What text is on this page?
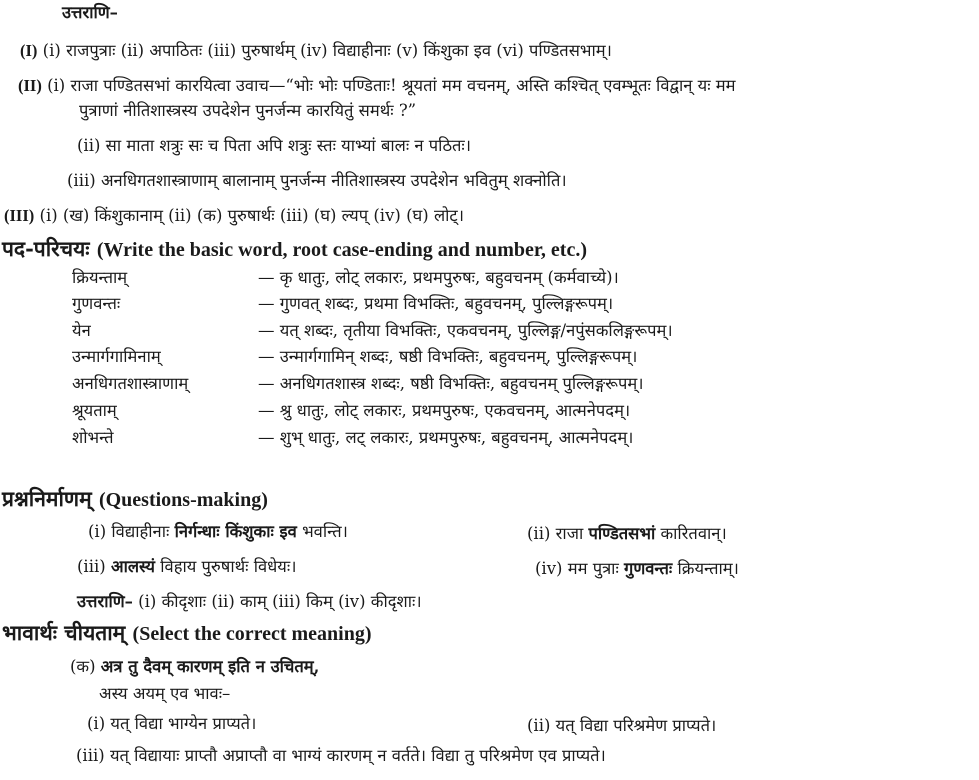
उत्तराणि–
(I) (i) राजपुत्राः (ii) अपाठितः (iii) पुरुषार्थम् (iv) विद्याहीनाः (v) किंशुका इव (vi) पण्डितसभाम्।
(II) (i) राजा पण्डितसभां कारयित्वा उवाच—“भोः भोः पण्डिताः! श्रूयतां मम वचनम्, अस्ति कश्चित् एवम्भूतः विद्वान् यः मम
पुत्राणां नीतिशास्त्रस्य उपदेशेन पुनर्जन्म कारयितुं समर्थः ?”
(ii) सा माता शत्रुः सः च पिता अपि शत्रुः स्तः याभ्यां बालः न पठितः।
(iii) अनधिगतशास्त्राणाम् बालानाम् पुनर्जन्म नीतिशास्त्रस्य उपदेशेन भवितुम् शक्नोति।
(III) (i) (ख) किंशुकानाम् (ii) (क) पुरुषार्थः (iii) (घ) ल्यप् (iv) (घ) लोट्।
पद-परिचयः (Write the basic word, root case-ending and number, etc.)
क्रियन्ताम्	— कृ धातुः, लोट् लकारः, प्रथमपुरुषः, बहुवचनम् (कर्मवाच्ये)।
गुणवन्तः	— गुणवत् शब्दः, प्रथमा विभक्तिः, बहुवचनम्, पुल्लिङ्गरूपम्।
येन	— यत् शब्दः, तृतीया विभक्तिः, एकवचनम्, पुल्लिङ्ग/नपुंसकलिङ्गरूपम्।
उन्मार्गगामिनाम्	— उन्मार्गगामिन् शब्दः, षष्ठी विभक्तिः, बहुवचनम्, पुल्लिङ्गरूपम्।
अनधिगतशास्त्राणाम्	— अनधिगतशास्त्र शब्दः, षष्ठी विभक्तिः, बहुवचनम् पुल्लिङ्गरूपम्।
श्रूयताम्	— श्रु धातुः, लोट् लकारः, प्रथमपुरुषः, एकवचनम्, आत्मनेपदम्।
शोभन्ते	— शुभ् धातुः, लट् लकारः, प्रथमपुरुषः, बहुवचनम्, आत्मनेपदम्।
प्रश्ननिर्माणम् (Questions-making)
(i) विद्याहीनाः निर्गन्धाः किंशुकाः इव भवन्ति।	(ii) राजा पण्डितसभां कारितवान्।
(iii) आलस्यं विहाय पुरुषार्थः विधेयः।	(iv) मम पुत्राः गुणवन्तः क्रियन्ताम्।
उत्तराणि– (i) कीदृशाः (ii) काम् (iii) किम् (iv) कीदृशाः।
भावार्थः चीयताम् (Select the correct meaning)
(क) अत्र तु दैवम् कारणम् इति न उचितम्,
अस्य अयम् एव भावः–
(i) यत् विद्या भाग्येन प्राप्यते।	(ii) यत् विद्या परिश्रमेण प्राप्यते।
(iii) यत् विद्यायाः प्राप्तौ अप्राप्तौ वा भाग्यं कारणम् न वर्तते। विद्या तु परिश्रमेण एव प्राप्यते।
